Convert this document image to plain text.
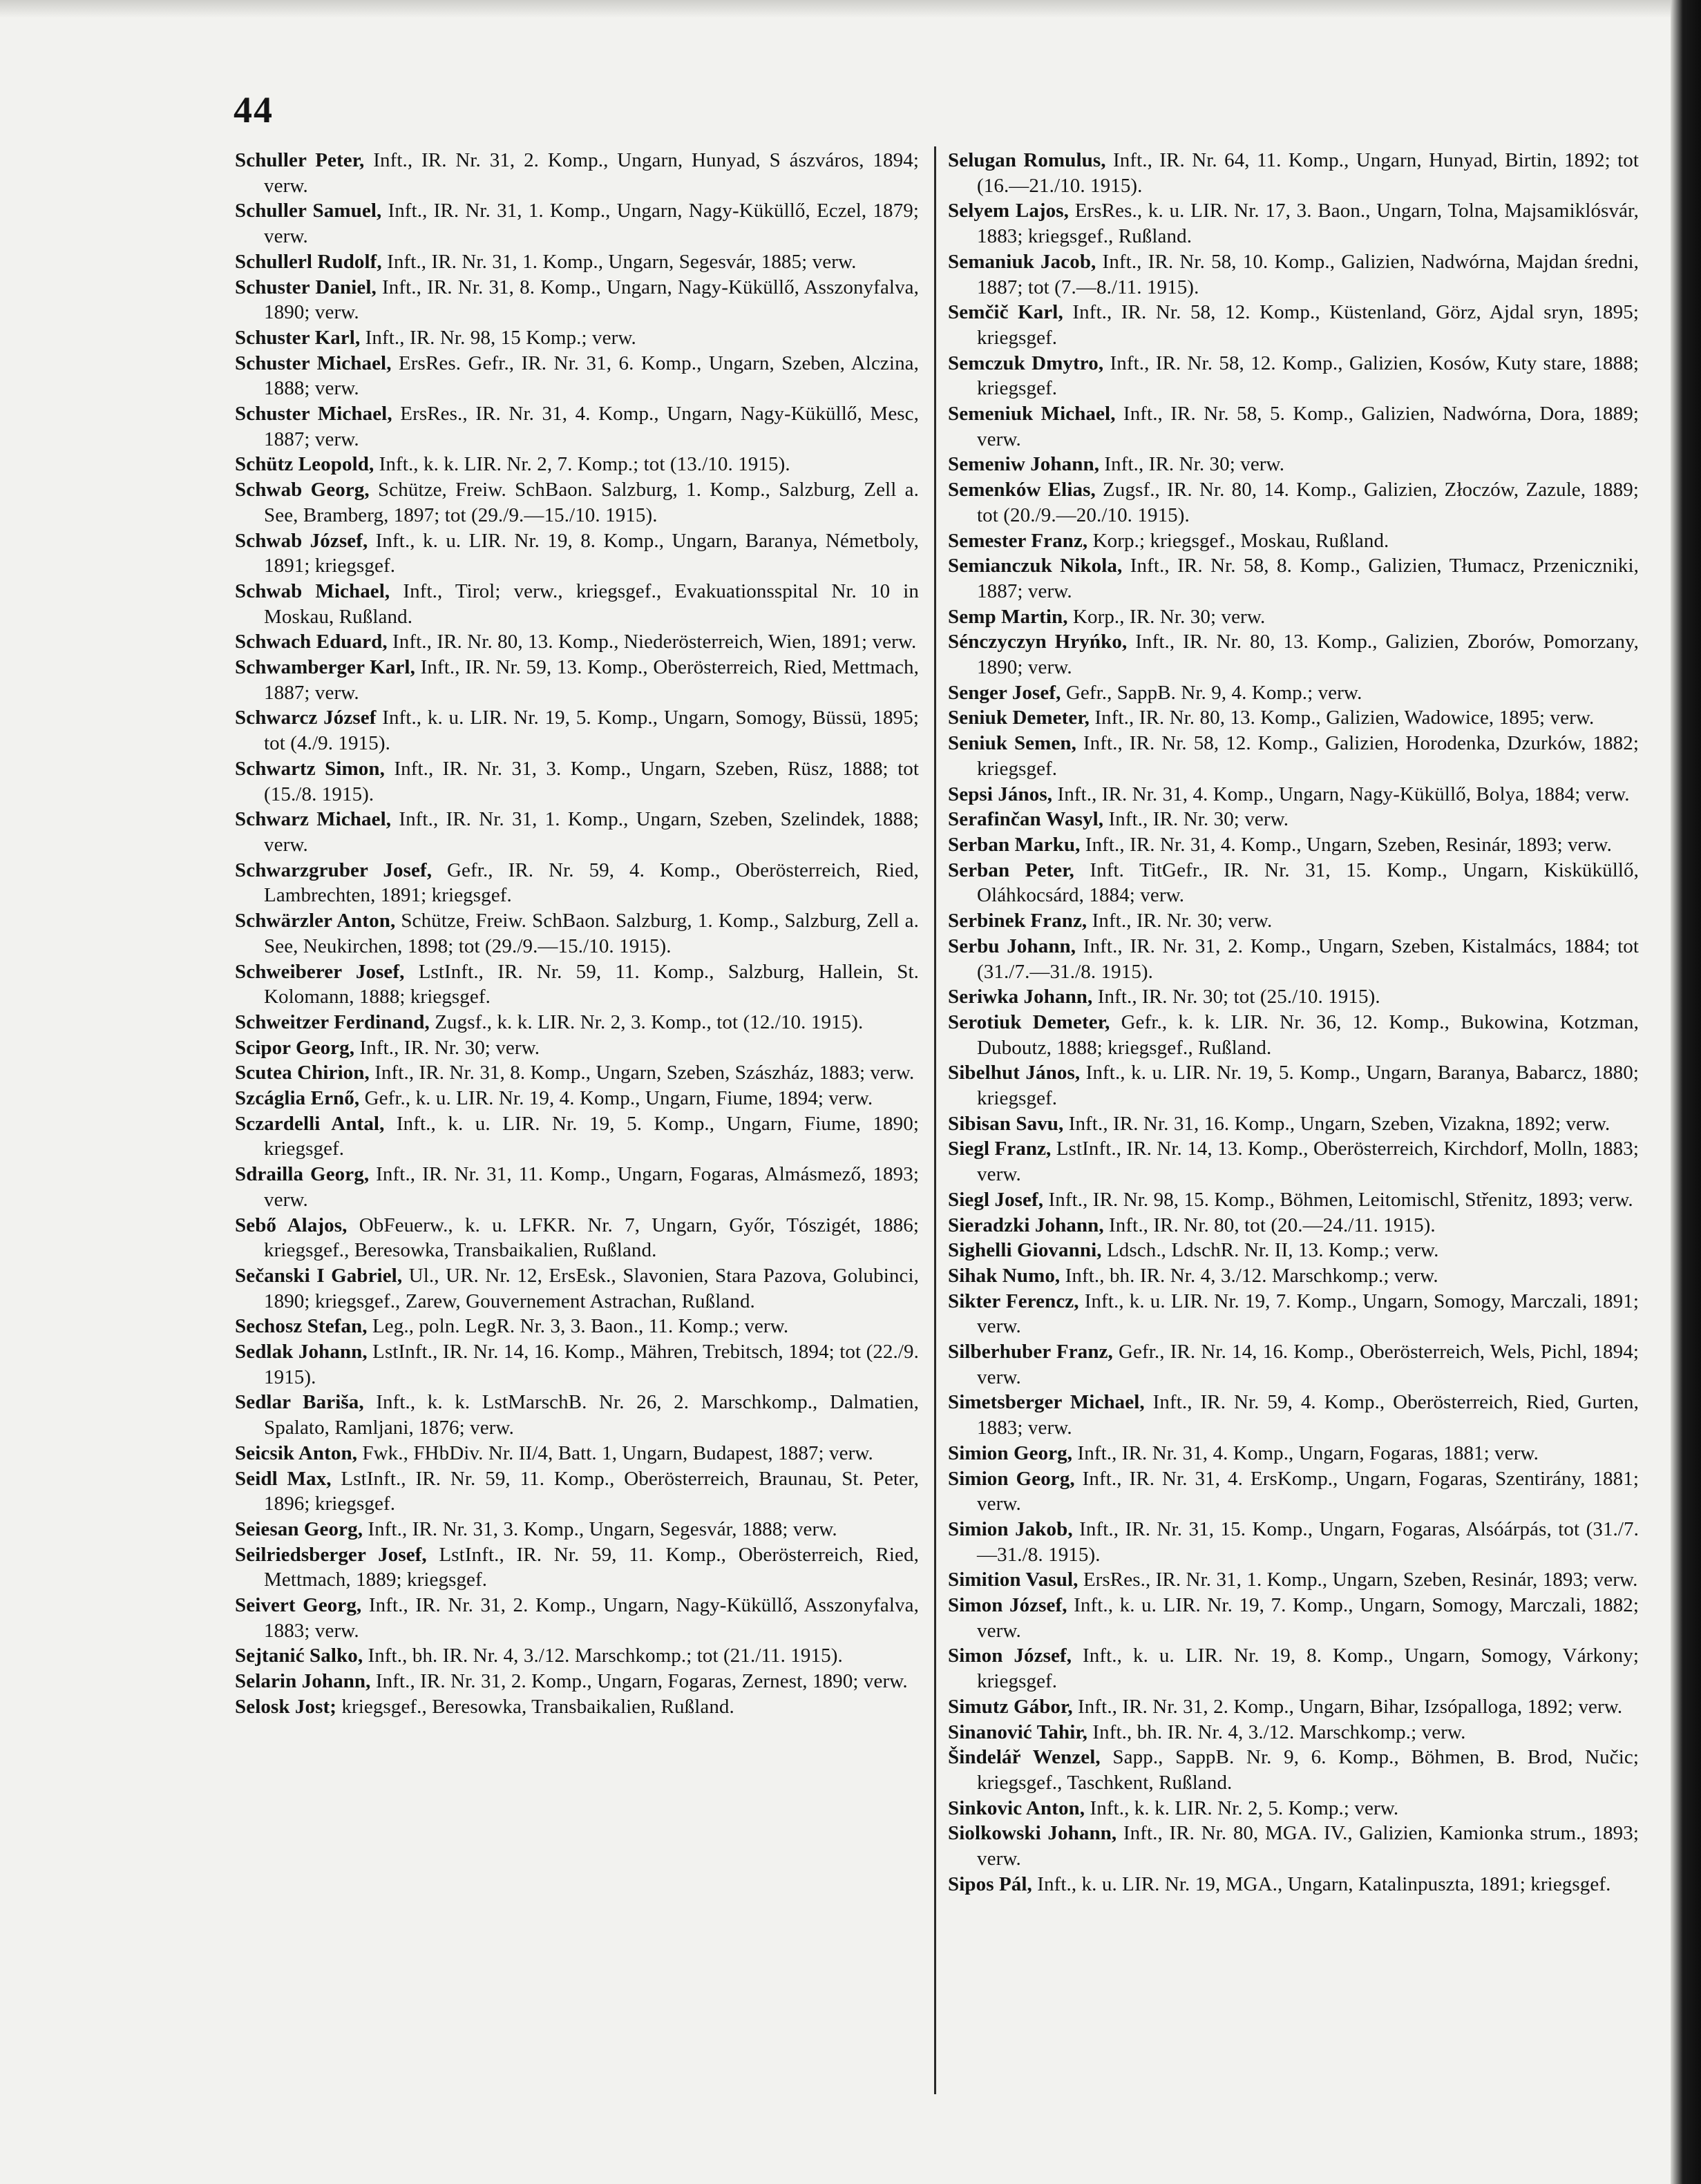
44

Schuller Peter, Inft., IR. Nr. 31, 2. Komp., Ungarn, Hunyad, S ászváros, 1894; verw.

Schuller Samuel, Inft., IR. Nr. 31, 1. Komp., Ungarn, Nagy-Küküllő, Eczel, 1879; verw.

Schullerl Rudolf, Inft., IR. Nr. 31, 1. Komp., Ungarn, Segesvár, 1885; verw.

Schuster Daniel, Inft., IR. Nr. 31, 8. Komp., Ungarn, Nagy-Küküllő, Asszonyfalva, 1890; verw.

Schuster Karl, Inft., IR. Nr. 98, 15 Komp.; verw.

Schuster Michael, ErsRes. Gefr., IR. Nr. 31, 6. Komp., Ungarn, Szeben, Alczina, 1888; verw.

Schuster Michael, ErsRes., IR. Nr. 31, 4. Komp., Ungarn, Nagy-Küküllő, Mesc, 1887; verw.

Schütz Leopold, Inft., k. k. LIR. Nr. 2, 7. Komp.; tot (13./10. 1915).

Schwab Georg, Schütze, Freiw. SchBaon. Salzburg, 1. Komp., Salzburg, Zell a. See, Bramberg, 1897; tot (29./9.—15./10. 1915).

Schwab József, Inft., k. u. LIR. Nr. 19, 8. Komp., Ungarn, Baranya, Németboly, 1891; kriegsgef.

Schwab Michael, Inft., Tirol; verw., kriegsgef., Evakuationsspital Nr. 10 in Moskau, Rußland.

Schwach Eduard, Inft., IR. Nr. 80, 13. Komp., Niederösterreich, Wien, 1891; verw.

Schwamberger Karl, Inft., IR. Nr. 59, 13. Komp., Oberösterreich, Ried, Mettmach, 1887; verw.

Schwarcz József Inft., k. u. LIR. Nr. 19, 5. Komp., Ungarn, Somogy, Büssü, 1895; tot (4./9. 1915).

Schwartz Simon, Inft., IR. Nr. 31, 3. Komp., Ungarn, Szeben, Rüsz, 1888; tot (15./8. 1915).

Schwarz Michael, Inft., IR. Nr. 31, 1. Komp., Ungarn, Szeben, Szelindek, 1888; verw.

Schwarzgruber Josef, Gefr., IR. Nr. 59, 4. Komp., Oberösterreich, Ried, Lambrechten, 1891; kriegsgef.

Schwärzler Anton, Schütze, Freiw. SchBaon. Salzburg, 1. Komp., Salzburg, Zell a. See, Neukirchen, 1898; tot (29./9.—15./10. 1915).

Schweiberer Josef, LstInft., IR. Nr. 59, 11. Komp., Salzburg, Hallein, St. Kolomann, 1888; kriegsgef.

Schweitzer Ferdinand, Zugsf., k. k. LIR. Nr. 2, 3. Komp., tot (12./10. 1915).

Scipor Georg, Inft., IR. Nr. 30; verw.

Scutea Chirion, Inft., IR. Nr. 31, 8. Komp., Ungarn, Szeben, Szászház, 1883; verw.

Szcáglia Ernő, Gefr., k. u. LIR. Nr. 19, 4. Komp., Ungarn, Fiume, 1894; verw.

Sczardelli Antal, Inft., k. u. LIR. Nr. 19, 5. Komp., Ungarn, Fiume, 1890; kriegsgef.

Sdrailla Georg, Inft., IR. Nr. 31, 11. Komp., Ungarn, Fogaras, Almásmező, 1893; verw.

Sebő Alajos, ObFeuerw., k. u. LFKR. Nr. 7, Ungarn, Győr, Tószigét, 1886; kriegsgef., Beresowka, Transbaikalien, Rußland.

Sečanski I Gabriel, Ul., UR. Nr. 12, ErsEsk., Slavonien, Stara Pazova, Golubinci, 1890; kriegsgef., Zarew, Gouvernement Astrachan, Rußland.

Sechosz Stefan, Leg., poln. LegR. Nr. 3, 3. Baon., 11. Komp.; verw.

Sedlak Johann, LstInft., IR. Nr. 14, 16. Komp., Mähren, Trebitsch, 1894; tot (22./9. 1915).

Sedlar Bariša, Inft., k. k. LstMarschB. Nr. 26, 2. Marschkomp., Dalmatien, Spalato, Ramljani, 1876; verw.

Seicsik Anton, Fwk., FHbDiv. Nr. II/4, Batt. 1, Ungarn, Budapest, 1887; verw.

Seidl Max, LstInft., IR. Nr. 59, 11. Komp., Oberösterreich, Braunau, St. Peter, 1896; kriegsgef.

Seiesan Georg, Inft., IR. Nr. 31, 3. Komp., Ungarn, Segesvár, 1888; verw.

Seilriedsberger Josef, LstInft., IR. Nr. 59, 11. Komp., Oberösterreich, Ried, Mettmach, 1889; kriegsgef.

Seivert Georg, Inft., IR. Nr. 31, 2. Komp., Ungarn, Nagy-Küküllő, Asszonyfalva, 1883; verw.

Sejtanić Salko, Inft., bh. IR. Nr. 4, 3./12. Marschkomp.; tot (21./11. 1915).

Selarin Johann, Inft., IR. Nr. 31, 2. Komp., Ungarn, Fogaras, Zernest, 1890; verw.

Selosk Jost; kriegsgef., Beresowka, Transbaikalien, Rußland.

Selugan Romulus, Inft., IR. Nr. 64, 11. Komp., Ungarn, Hunyad, Birtin, 1892; tot (16.—21./10. 1915).

Selyem Lajos, ErsRes., k. u. LIR. Nr. 17, 3. Baon., Ungarn, Tolna, Majsamiklósvár, 1883; kriegsgef., Rußland.

Semaniuk Jacob, Inft., IR. Nr. 58, 10. Komp., Galizien, Nadwórna, Majdan średni, 1887; tot (7.—8./11. 1915).

Semčič Karl, Inft., IR. Nr. 58, 12. Komp., Küstenland, Görz, Ajdal sryn, 1895; kriegsgef.

Semczuk Dmytro, Inft., IR. Nr. 58, 12. Komp., Galizien, Kosów, Kuty stare, 1888; kriegsgef.

Semeniuk Michael, Inft., IR. Nr. 58, 5. Komp., Galizien, Nadwórna, Dora, 1889; verw.

Semeniw Johann, Inft., IR. Nr. 30; verw.

Semenków Elias, Zugsf., IR. Nr. 80, 14. Komp., Galizien, Złoczów, Zazule, 1889; tot (20./9.—20./10. 1915).

Semester Franz, Korp.; kriegsgef., Moskau, Rußland.

Semianczuk Nikola, Inft., IR. Nr. 58, 8. Komp., Galizien, Tłumacz, Przeniczniki, 1887; verw.

Semp Martin, Korp., IR. Nr. 30; verw.

Sénczyczyn Hryńko, Inft., IR. Nr. 80, 13. Komp., Galizien, Zborów, Pomorzany, 1890; verw.

Senger Josef, Gefr., SappB. Nr. 9, 4. Komp.; verw.

Seniuk Demeter, Inft., IR. Nr. 80, 13. Komp., Galizien, Wadowice, 1895; verw.

Seniuk Semen, Inft., IR. Nr. 58, 12. Komp., Galizien, Horodenka, Dzurków, 1882; kriegsgef.

Sepsi János, Inft., IR. Nr. 31, 4. Komp., Ungarn, Nagy-Küküllő, Bolya, 1884; verw.

Serafinčan Wasyl, Inft., IR. Nr. 30; verw.

Serban Marku, Inft., IR. Nr. 31, 4. Komp., Ungarn, Szeben, Resinár, 1893; verw.

Serban Peter, Inft. TitGefr., IR. Nr. 31, 15. Komp., Ungarn, Kisküküllő, Oláhkocsárd, 1884; verw.

Serbinek Franz, Inft., IR. Nr. 30; verw.

Serbu Johann, Inft., IR. Nr. 31, 2. Komp., Ungarn, Szeben, Kistalmács, 1884; tot (31./7.—31./8. 1915).

Seriwka Johann, Inft., IR. Nr. 30; tot (25./10. 1915).

Serotiuk Demeter, Gefr., k. k. LIR. Nr. 36, 12. Komp., Bukowina, Kotzman, Duboutz, 1888; kriegsgef., Rußland.

Sibelhut János, Inft., k. u. LIR. Nr. 19, 5. Komp., Ungarn, Baranya, Babarcz, 1880; kriegsgef.

Sibisan Savu, Inft., IR. Nr. 31, 16. Komp., Ungarn, Szeben, Vizakna, 1892; verw.

Siegl Franz, LstInft., IR. Nr. 14, 13. Komp., Oberösterreich, Kirchdorf, Molln, 1883; verw.

Siegl Josef, Inft., IR. Nr. 98, 15. Komp., Böhmen, Leitomischl, Střenitz, 1893; verw.

Sieradzki Johann, Inft., IR. Nr. 80, tot (20.—24./11. 1915).

Sighelli Giovanni, Ldsch., LdschR. Nr. II, 13. Komp.; verw.

Sihak Numo, Inft., bh. IR. Nr. 4, 3./12. Marschkomp.; verw.

Sikter Ferencz, Inft., k. u. LIR. Nr. 19, 7. Komp., Ungarn, Somogy, Marczali, 1891; verw.

Silberhuber Franz, Gefr., IR. Nr. 14, 16. Komp., Oberösterreich, Wels, Pichl, 1894; verw.

Simetsberger Michael, Inft., IR. Nr. 59, 4. Komp., Oberösterreich, Ried, Gurten, 1883; verw.

Simion Georg, Inft., IR. Nr. 31, 4. Komp., Ungarn, Fogaras, 1881; verw.

Simion Georg, Inft., IR. Nr. 31, 4. ErsKomp., Ungarn, Fogaras, Szentirány, 1881; verw.

Simion Jakob, Inft., IR. Nr. 31, 15. Komp., Ungarn, Fogaras, Alsóárpás, tot (31./7.—31./8. 1915).

Simition Vasul, ErsRes., IR. Nr. 31, 1. Komp., Ungarn, Szeben, Resinár, 1893; verw.

Simon József, Inft., k. u. LIR. Nr. 19, 7. Komp., Ungarn, Somogy, Marczali, 1882; verw.

Simon József, Inft., k. u. LIR. Nr. 19, 8. Komp., Ungarn, Somogy, Várkony; kriegsgef.

Simutz Gábor, Inft., IR. Nr. 31, 2. Komp., Ungarn, Bihar, Izsópalloga, 1892; verw.

Sinanović Tahir, Inft., bh. IR. Nr. 4, 3./12. Marschkomp.; verw.

Šindelář Wenzel, Sapp., SappB. Nr. 9, 6. Komp., Böhmen, B. Brod, Nučic; kriegsgef., Taschkent, Rußland.

Sinkovic Anton, Inft., k. k. LIR. Nr. 2, 5. Komp.; verw.

Siolkowski Johann, Inft., IR. Nr. 80, MGA. IV., Galizien, Kamionka strum., 1893; verw.

Sipos Pál, Inft., k. u. LIR. Nr. 19, MGA., Ungarn, Katalinpuszta, 1891; kriegsgef.
